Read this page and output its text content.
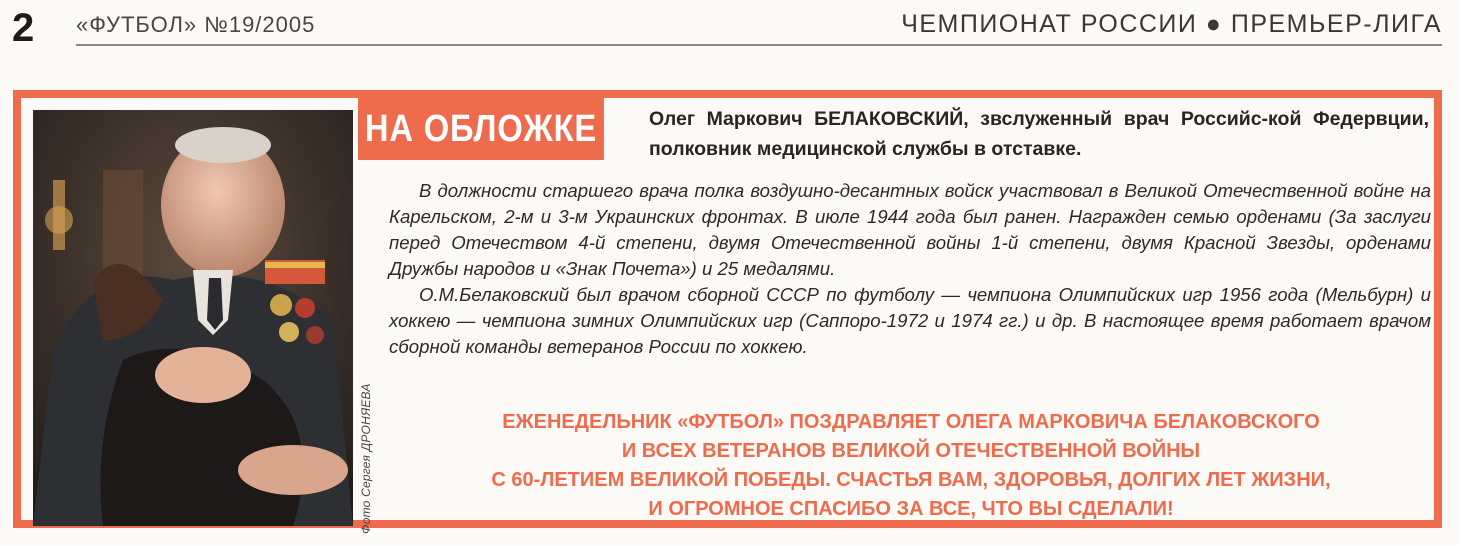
2 «ФУТБОЛ» №19/2005	ЧЕМПИОНАТ РОССИИ ● ПРЕМЬЕР-ЛИГА
Фото Сергея ДРОНЯЕВА
НА ОБЛОЖКЕ	Олег Маркович БЕЛАКОВСКИЙ, звслуженный врач Российс-кой Федервции, полковник медицинской службы в отставке.

В должности старшего врача полка воздушно-десантных войск участвовал в Великой Отечественной войне на Карельском, 2-м и 3-м Украинских фронтах. В июле 1944 года был ранен. Награжден семью орденами (За заслуги перед Отечеством 4-й степени, двумя Отечественной войны 1-й степени, двумя Красной Звезды, орденами Дружбы народов и «Знак Почета») и 25 медалями.

О.М.Белаковский был врачом сборной СССР по футболу — чемпиона Олимпийских игр 1956 года (Мельбурн) и хоккею — чемпиона зимних Олимпийских игр (Саппоро-1972 и 1974 гг.) и др. В настоящее время работает врачом сборной команды ветеранов России по хоккею.

ЕЖЕНЕДЕЛЬНИК «ФУТБОЛ» ПОЗДРАВЛЯЕТ ОЛЕГА МАРКОВИЧА БЕЛАКОВСКОГО
И ВСЕХ ВЕТЕРАНОВ ВЕЛИКОЙ ОТЕЧЕСТВЕННОЙ ВОЙНЫ
С 60-ЛЕТИЕМ ВЕЛИКОЙ ПОБЕДЫ. СЧАСТЬЯ ВАМ, ЗДОРОВЬЯ, ДОЛГИХ ЛЕТ ЖИЗНИ,
И ОГРОМНОЕ СПАСИБО ЗА ВСЕ, ЧТО ВЫ СДЕЛАЛИ!
